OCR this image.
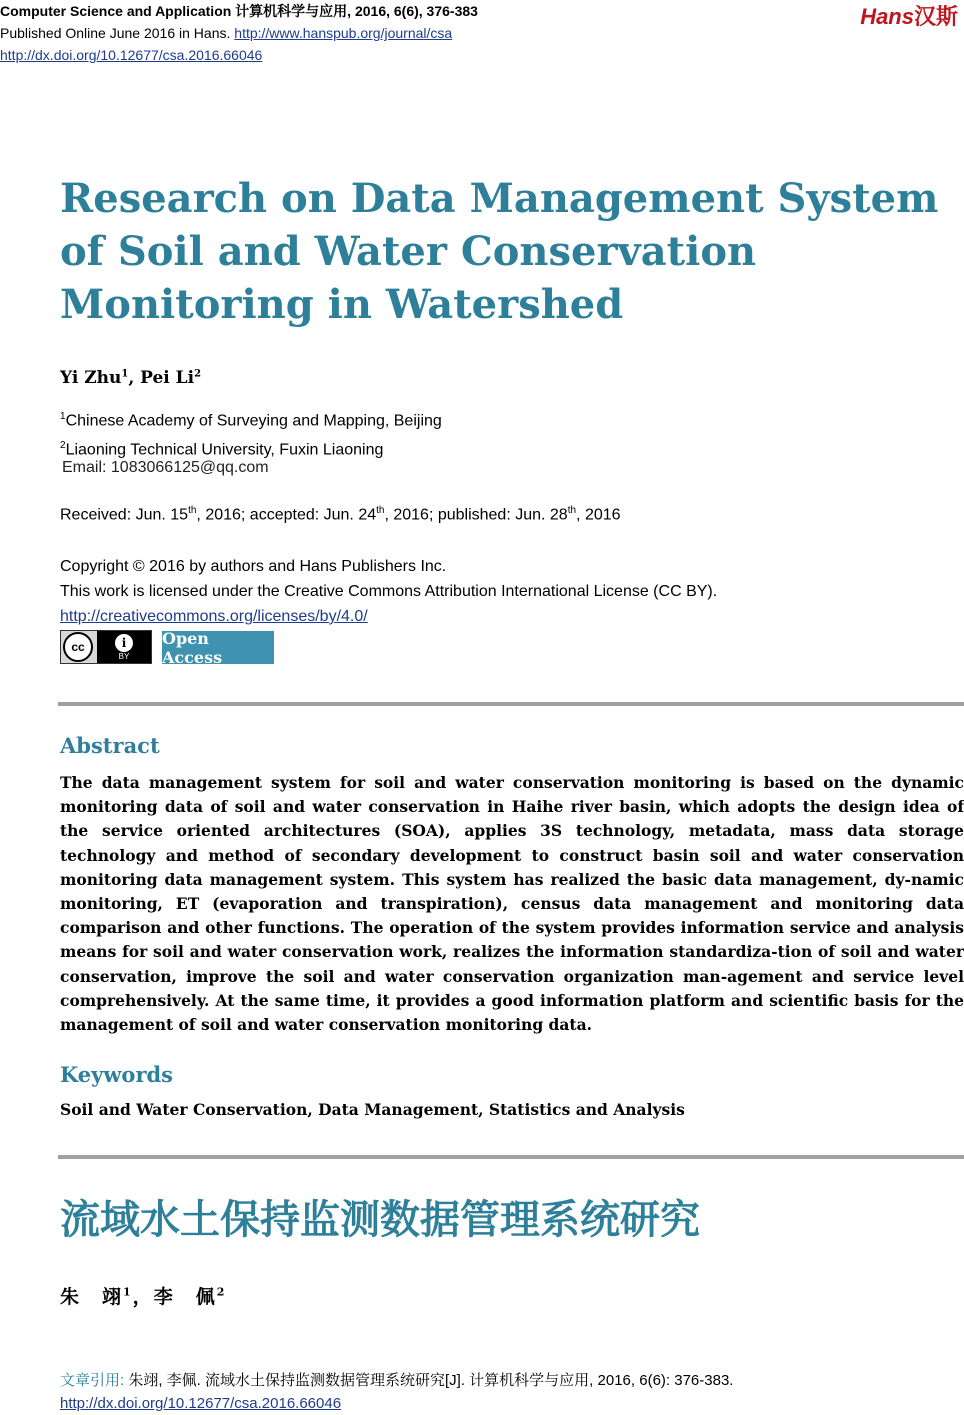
Computer Science and Application 计算机科学与应用, 2016, 6(6), 376-383
Published Online June 2016 in Hans. http://www.hanspub.org/journal/csa
http://dx.doi.org/10.12677/csa.2016.66046
Hans汉斯
Research on Data Management System of Soil and Water Conservation Monitoring in Watershed
Yi Zhu$^1$, Pei Li$^2$
$^1$Chinese Academy of Surveying and Mapping, Beijing
$^2$Liaoning Technical University, Fuxin Liaoning
Email: 1083066125@qq.com
Received: Jun. 15th, 2016; accepted: Jun. 24th, 2016; published: Jun. 28th, 2016
Copyright © 2016 by authors and Hans Publishers Inc.
This work is licensed under the Creative Commons Attribution International License (CC BY).
http://creativecommons.org/licenses/by/4.0/
cc	i
BY
Open Access
Abstract

The data management system for soil and water conservation monitoring is based on the dynamic monitoring data of soil and water conservation in Haihe river basin, which adopts the design idea of the service oriented architectures (SOA), applies 3S technology, metadata, mass data storage technology and method of secondary development to construct basin soil and water conservation monitoring data management system. This system has realized the basic data management, dy-namic monitoring, ET (evaporation and transpiration), census data management and monitoring data comparison and other functions. The operation of the system provides information service and analysis means for soil and water conservation work, realizes the information standardiza-tion of soil and water conservation, improve the soil and water conservation organization man-agement and service level comprehensively. At the same time, it provides a good information platform and scientific basis for the management of soil and water conservation monitoring data.

Keywords
Soil and Water Conservation, Data Management, Statistics and Analysis
流域水土保持监测数据管理系统研究
朱　翊$^1$，李　佩$^2$
文章引用: 朱翊, 李佩. 流域水土保持监测数据管理系统研究[J]. 计算机科学与应用, 2016, 6(6): 376-383.
http://dx.doi.org/10.12677/csa.2016.66046
